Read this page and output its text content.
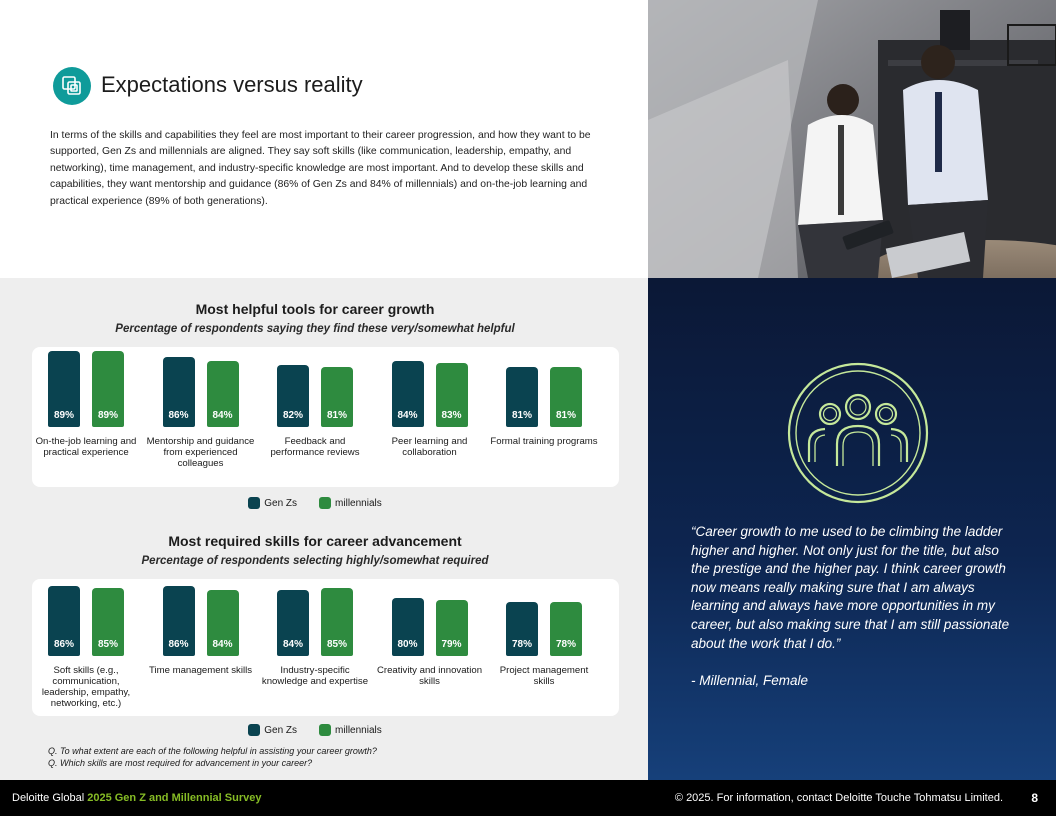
Expectations versus reality
In terms of the skills and capabilities they feel are most important to their career progression, and how they want to be supported, Gen Zs and millennials are aligned. They say soft skills (like communication, leadership, empathy, and networking), time management, and industry-specific knowledge are most important. And to develop these skills and capabilities, they want mentorship and guidance (86% of Gen Zs and 84% of millennials) and on-the-job learning and practical experience (89% of both generations).
Most helpful tools for career growth
Percentage of respondents saying they find these very/somewhat helpful
89%	89%
On-the-job learning and practical experience
86%	84%
Mentorship and guidance from experienced colleagues
82%	81%
Feedback and performance reviews
84%	83%
Peer learning and collaboration
81%	81%
Formal training programs
Gen Zs	millennials
Most required skills for career advancement
Percentage of respondents selecting highly/somewhat required
86%	85%
Soft skills (e.g., communication, leadership, empathy, networking, etc.)
86%	84%
Time management skills
84%	85%
Industry-specific knowledge and expertise
80%	79%
Creativity and innovation skills
78%	78%
Project management skills
Gen Zs	millennials
Q. To what extent are each of the following helpful in assisting your career growth?
Q. Which skills are most required for advancement in your career?
“Career growth to me used to be climbing the ladder higher and higher. Not only just for the title, but also the prestige and the higher pay. I think career growth now means really making sure that I am always learning and always have more opportunities in my career, but also making sure that I am still passionate about the work that I do.”
- Millennial, Female
Deloitte Global 2025 Gen Z and Millennial Survey	© 2025. For information, contact Deloitte Touche Tohmatsu Limited. 8
